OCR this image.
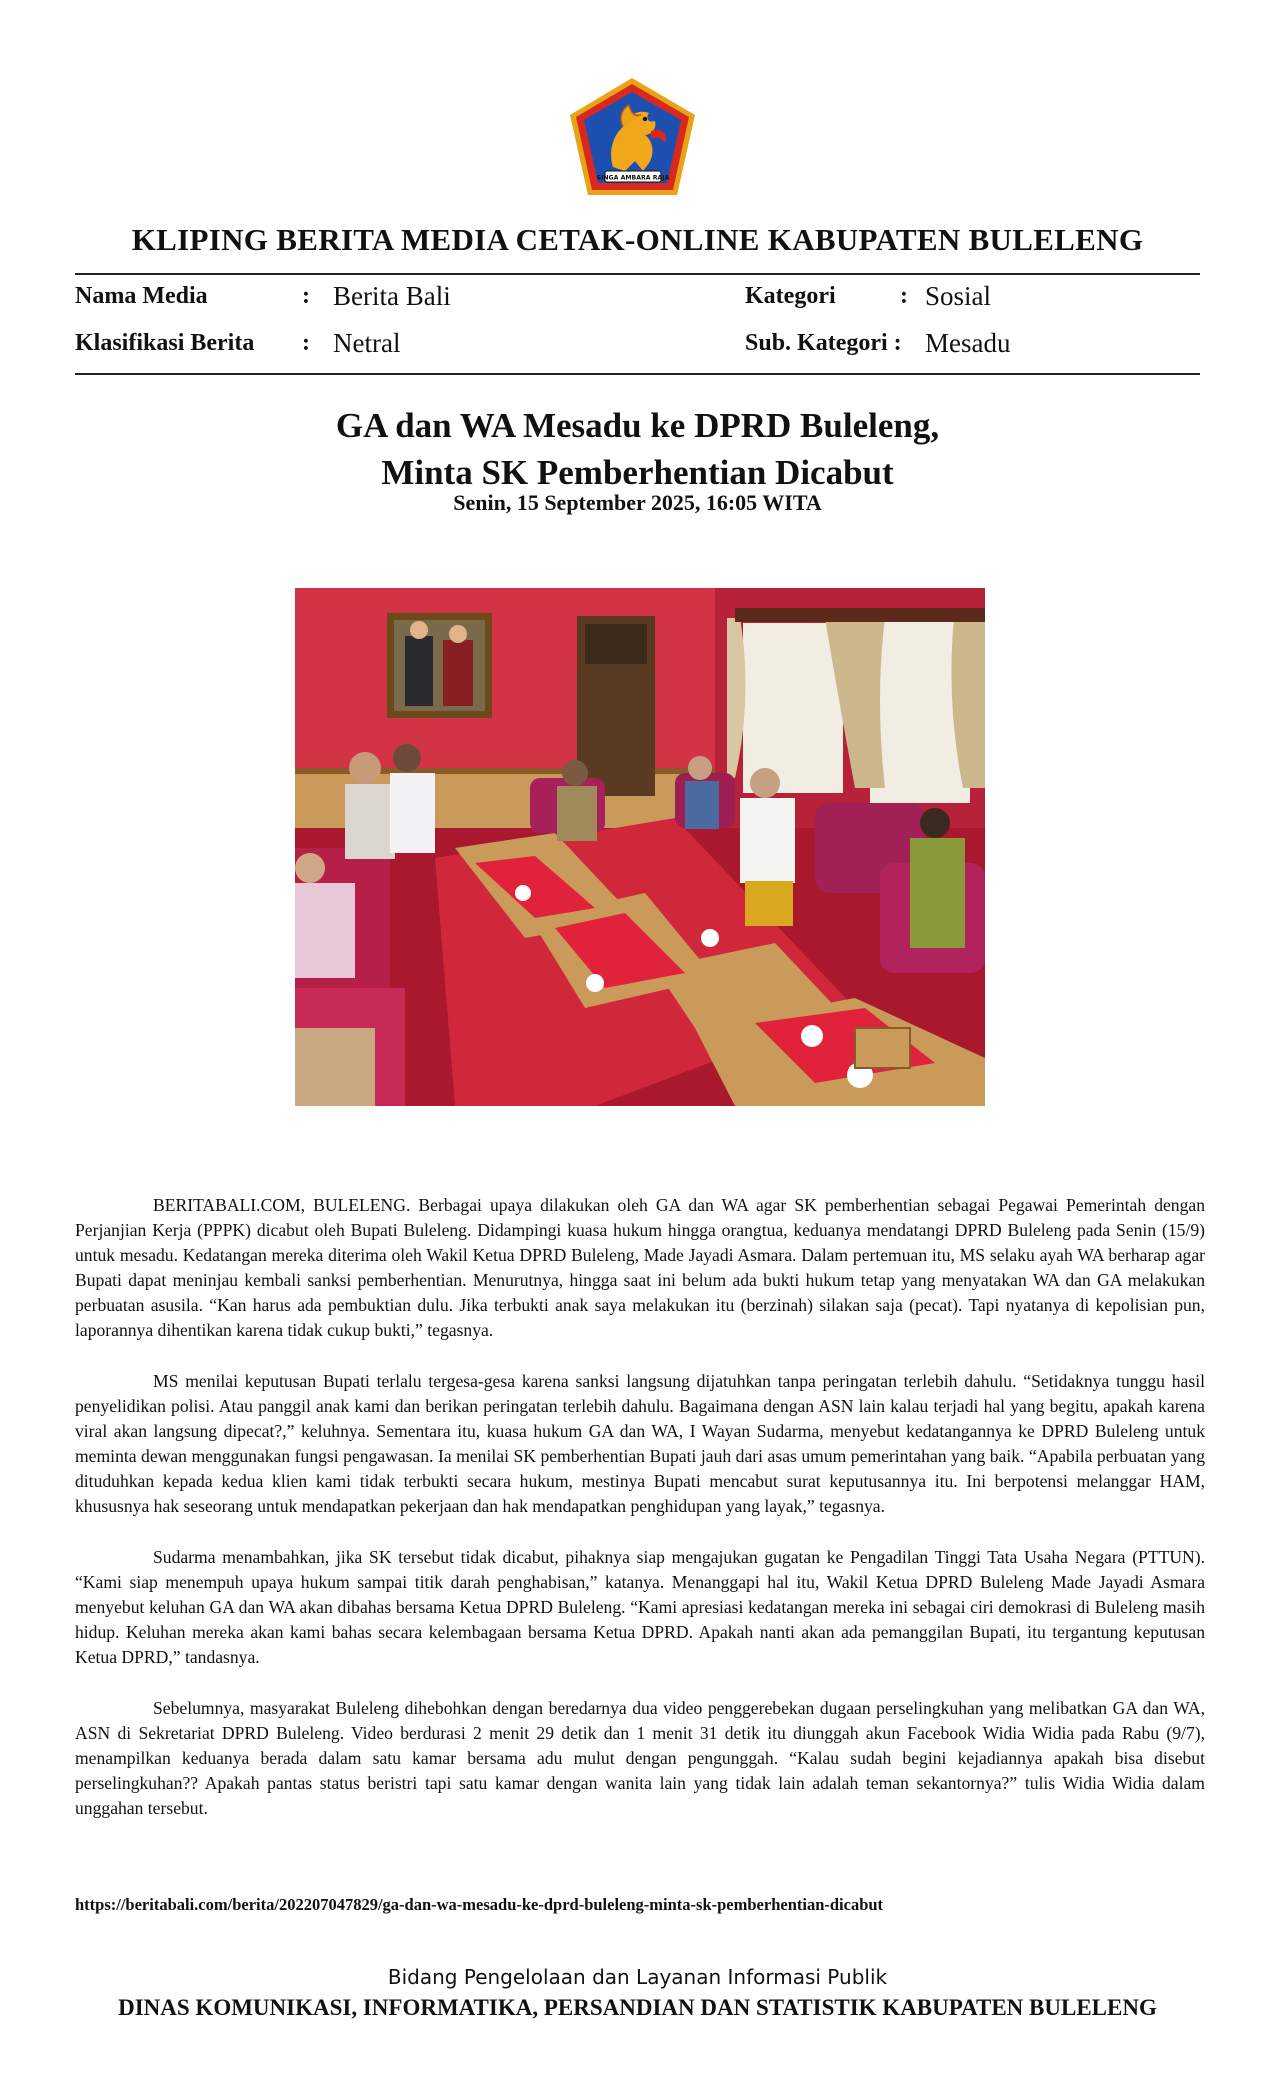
SINGA AMBARA RAJA
KLIPING BERITA MEDIA CETAK-ONLINE KABUPATEN BULELENG
Nama Media	: Berita Bali
Klasifikasi Berita : Netral
Kategori	: Sosial
Sub. Kategori : Mesadu
GA dan WA Mesadu ke DPRD Buleleng,
Minta SK Pemberhentian Dicabut
Senin, 15 September 2025, 16:05 WITA

BERITABALI.COM, BULELENG. Berbagai upaya dilakukan oleh GA dan WA agar SK pemberhentian sebagai Pegawai Pemerintah dengan Perjanjian Kerja (PPPK) dicabut oleh Bupati Buleleng. Didampingi kuasa hukum hingga orangtua, keduanya mendatangi DPRD Buleleng pada Senin (15/9) untuk mesadu. Kedatangan mereka diterima oleh Wakil Ketua DPRD Buleleng, Made Jayadi Asmara. Dalam pertemuan itu, MS selaku ayah WA berharap agar Bupati dapat meninjau kembali sanksi pemberhentian. Menurutnya, hingga saat ini belum ada bukti hukum tetap yang menyatakan WA dan GA melakukan perbuatan asusila. “Kan harus ada pembuktian dulu. Jika terbukti anak saya melakukan itu (berzinah) silakan saja (pecat). Tapi nyatanya di kepolisian pun, laporannya dihentikan karena tidak cukup bukti,” tegasnya.

MS menilai keputusan Bupati terlalu tergesa-gesa karena sanksi langsung dijatuhkan tanpa peringatan terlebih dahulu. “Setidaknya tunggu hasil penyelidikan polisi. Atau panggil anak kami dan berikan peringatan terlebih dahulu. Bagaimana dengan ASN lain kalau terjadi hal yang begitu, apakah karena viral akan langsung dipecat?,” keluhnya. Sementara itu, kuasa hukum GA dan WA, I Wayan Sudarma, menyebut kedatangannya ke DPRD Buleleng untuk meminta dewan menggunakan fungsi pengawasan. Ia menilai SK pemberhentian Bupati jauh dari asas umum pemerintahan yang baik. “Apabila perbuatan yang dituduhkan kepada kedua klien kami tidak terbukti secara hukum, mestinya Bupati mencabut surat keputusannya itu. Ini berpotensi melanggar HAM, khususnya hak seseorang untuk mendapatkan pekerjaan dan hak mendapatkan penghidupan yang layak,” tegasnya.

Sudarma menambahkan, jika SK tersebut tidak dicabut, pihaknya siap mengajukan gugatan ke Pengadilan Tinggi Tata Usaha Negara (PTTUN). “Kami siap menempuh upaya hukum sampai titik darah penghabisan,” katanya. Menanggapi hal itu, Wakil Ketua DPRD Buleleng Made Jayadi Asmara menyebut keluhan GA dan WA akan dibahas bersama Ketua DPRD Buleleng. “Kami apresiasi kedatangan mereka ini sebagai ciri demokrasi di Buleleng masih hidup. Keluhan mereka akan kami bahas secara kelembagaan bersama Ketua DPRD. Apakah nanti akan ada pemanggilan Bupati, itu tergantung keputusan Ketua DPRD,” tandasnya.

Sebelumnya, masyarakat Buleleng dihebohkan dengan beredarnya dua video penggerebekan dugaan perselingkuhan yang melibatkan GA dan WA, ASN di Sekretariat DPRD Buleleng. Video berdurasi 2 menit 29 detik dan 1 menit 31 detik itu diunggah akun Facebook Widia Widia pada Rabu (9/7), menampilkan keduanya berada dalam satu kamar bersama adu mulut dengan pengunggah. “Kalau sudah begini kejadiannya apakah bisa disebut perselingkuhan?? Apakah pantas status beristri tapi satu kamar dengan wanita lain yang tidak lain adalah teman sekantornya?” tulis Widia Widia dalam unggahan tersebut.

https://beritabali.com/berita/202207047829/ga-dan-wa-mesadu-ke-dprd-buleleng-minta-sk-pemberhentian-dicabut
Bidang Pengelolaan dan Layanan Informasi Publik
DINAS KOMUNIKASI, INFORMATIKA, PERSANDIAN DAN STATISTIK KABUPATEN BULELENG
